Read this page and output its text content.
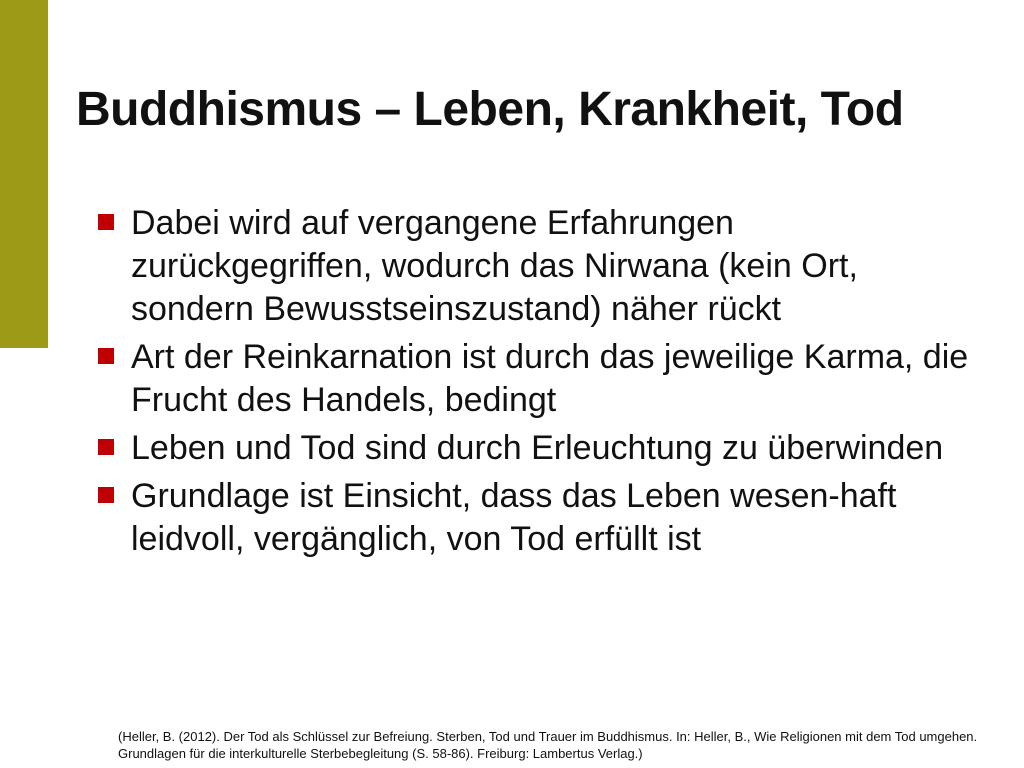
Buddhismus – Leben, Krankheit, Tod
Dabei wird auf vergangene Erfahrungen zurückgegriffen, wodurch das Nirwana (kein Ort, sondern Bewusstseinszustand) näher rückt
Art der Reinkarnation ist durch das jeweilige Karma, die Frucht des Handels, bedingt
Leben und Tod sind durch Erleuchtung zu überwinden
Grundlage ist Einsicht, dass das Leben wesen-haft leidvoll, vergänglich, von Tod erfüllt ist
(Heller, B. (2012). Der Tod als Schlüssel zur Befreiung. Sterben, Tod und Trauer im Buddhismus. In: Heller, B., Wie Religionen mit dem Tod umgehen.
Grundlagen für die interkulturelle Sterbebegleitung (S. 58-86). Freiburg: Lambertus Verlag.)
